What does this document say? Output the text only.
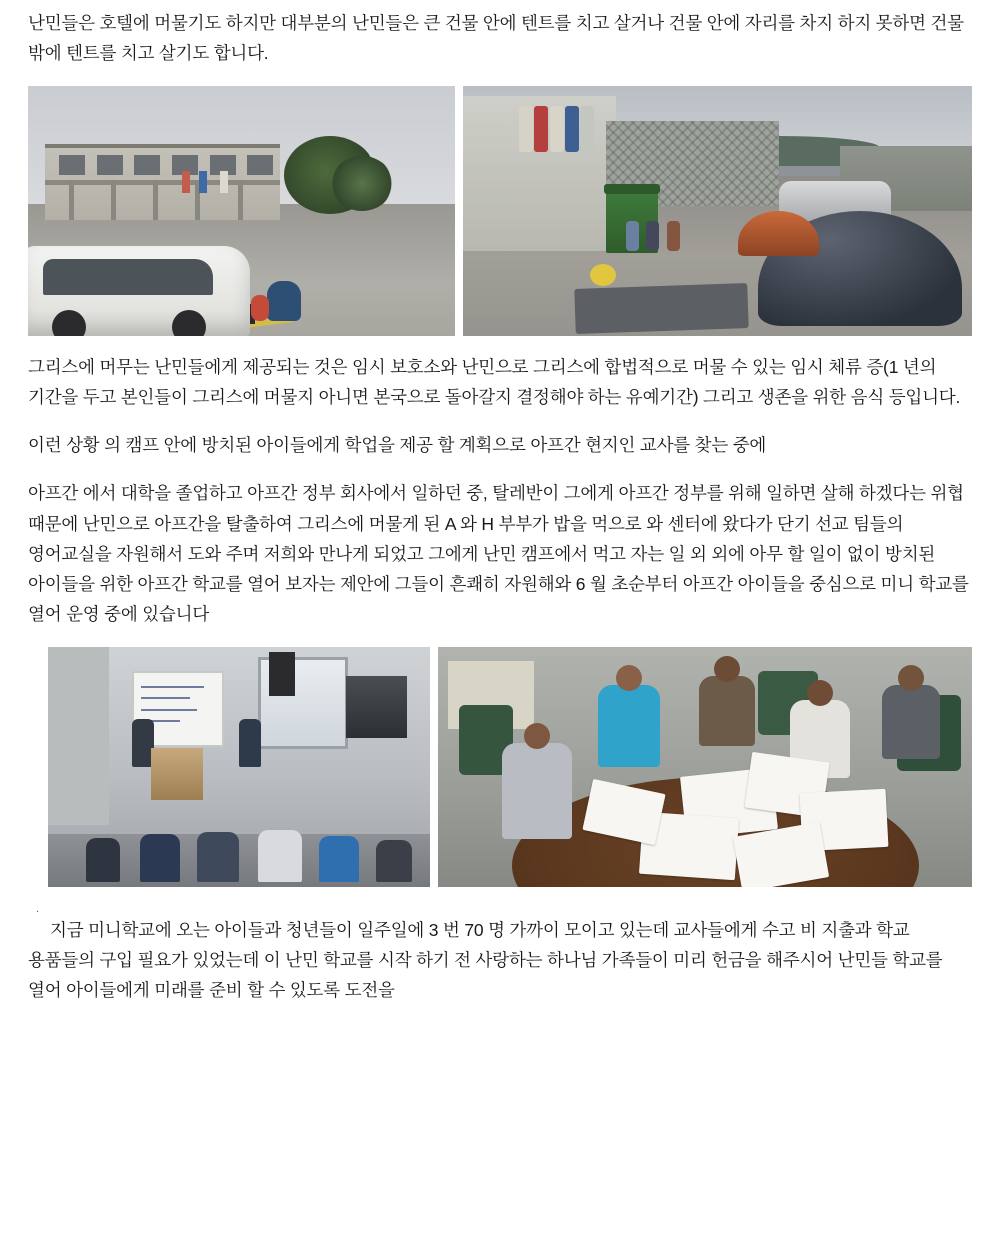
난민들은 호텔에 머물기도 하지만 대부분의 난민들은 큰 건물 안에 텐트를 치고 살거나 건물 안에 자리를 차지 하지 못하면 건물 밖에 텐트를 치고 살기도 합니다.

그리스에 머무는 난민들에게 제공되는 것은 임시 보호소와 난민으로 그리스에 합법적으로 머물 수 있는 임시 체류 증(1 년의 기간을 두고 본인들이 그리스에 머물지 아니면 본국으로 돌아갈지 결정해야 하는 유예기간) 그리고 생존을 위한 음식 등입니다.

이런 상황 의 캠프 안에 방치된 아이들에게 학업을 제공 할 계획으로 아프간 현지인 교사를 찾는 중에

아프간 에서 대학을 졸업하고 아프간 정부 회사에서 일하던 중, 탈레반이 그에게 아프간 정부를 위해 일하면 살해 하겠다는 위협 때문에 난민으로 아프간을 탈출하여 그리스에 머물게 된 A 와 H 부부가 밥을 먹으로 와 센터에 왔다가 단기 선교 팀들의 영어교실을 자원해서 도와 주며 저희와 만나게 되었고 그에게 난민 캠프에서 먹고 자는 일 외 외에 아무 할 일이 없이 방치된 아이들을 위한 아프간 학교를 열어 보자는 제안에 그들이 흔쾌히 자원해와 6 월 초순부터 아프간 아이들을 중심으로 미니 학교를 열어 운영 중에 있습니다

.

지금 미니학교에 오는 아이들과 청년들이 일주일에 3 번 70 명 가까이 모이고 있는데 교사들에게 수고 비 지출과 학교 용품들의 구입 필요가 있었는데 이 난민 학교를 시작 하기 전 사랑하는 하나님 가족들이 미리 헌금을 해주시어 난민들 학교를 열어 아이들에게 미래를 준비 할 수 있도록 도전을
